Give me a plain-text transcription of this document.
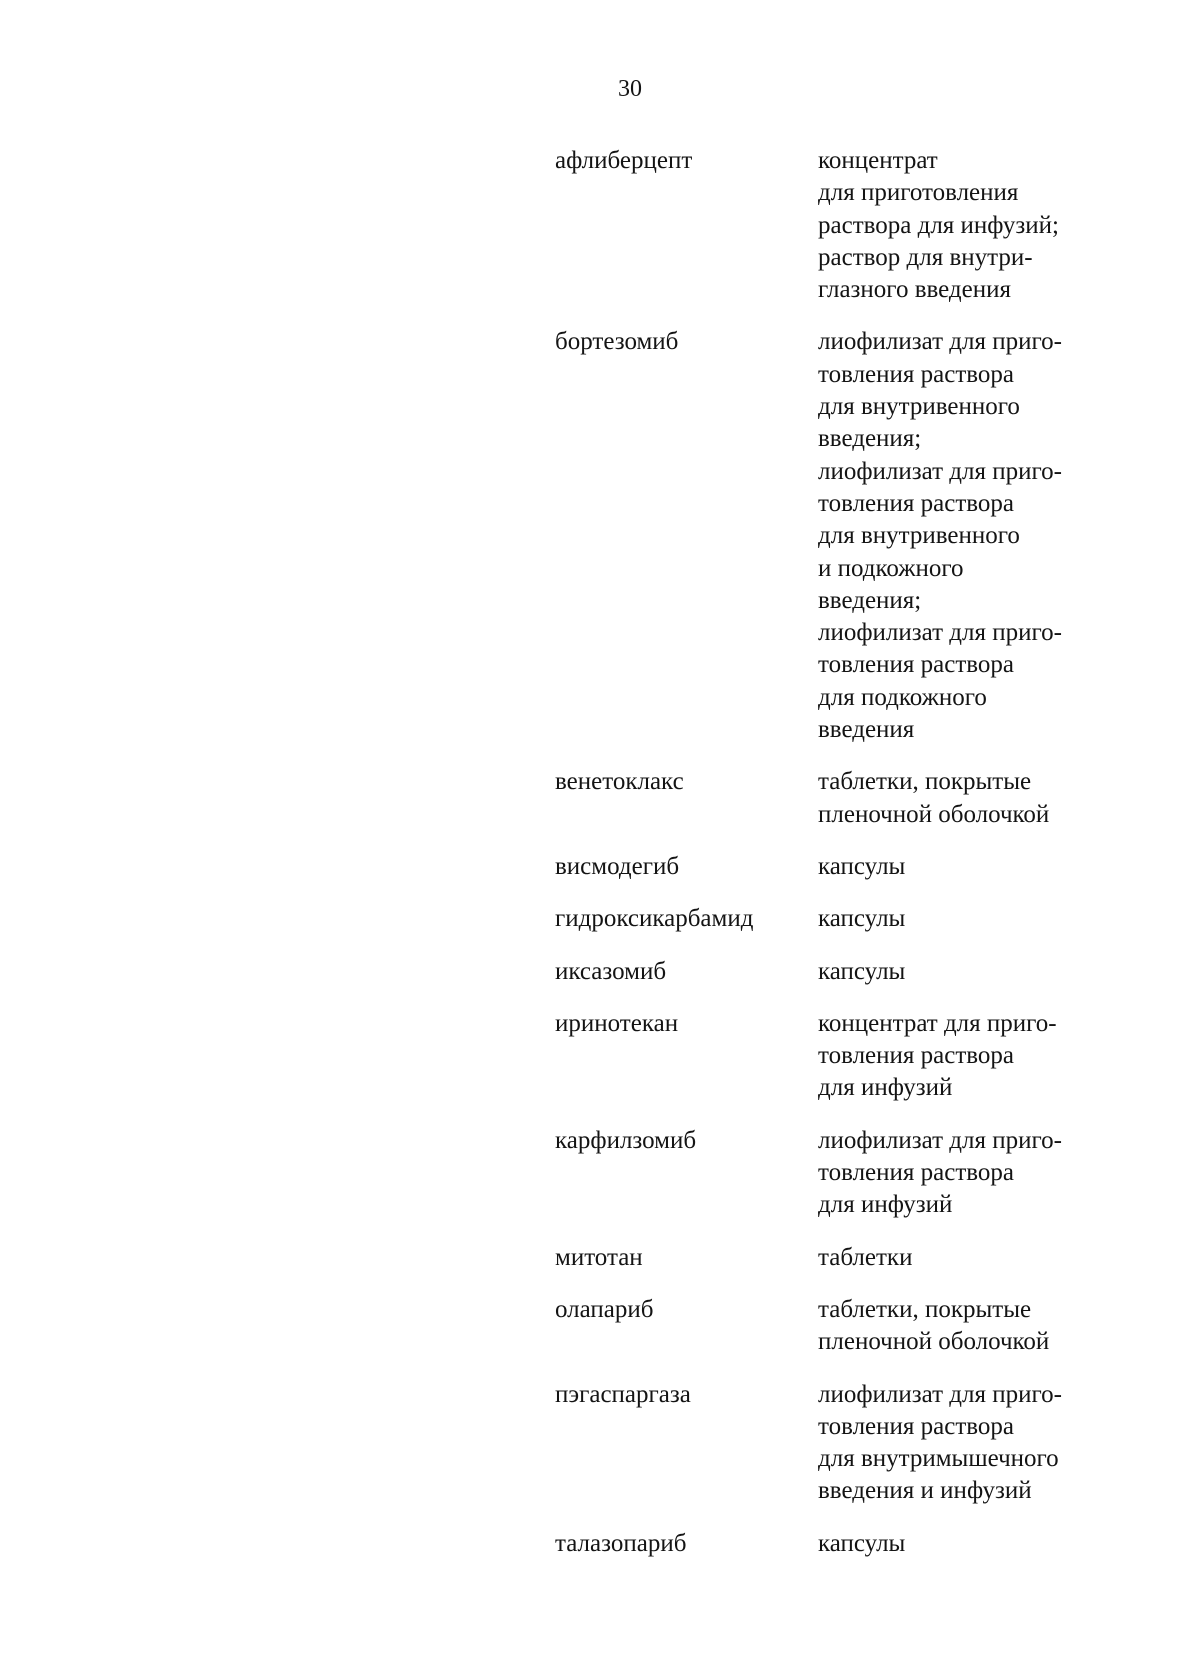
30
афлиберцепт	концентрат
для приготовления
раствора для инфузий;
раствор для внутри-
глазного введения
бортезомиб	лиофилизат для приго-
товления раствора
для внутривенного
введения;
лиофилизат для приго-
товления раствора
для внутривенного
и подкожного
введения;
лиофилизат для приго-
товления раствора
для подкожного
введения
венетоклакс	таблетки, покрытые
пленочной оболочкой
висмодегиб	капсулы
гидроксикарбамид	капсулы
иксазомиб	капсулы
иринотекан	концентрат для приго-
товления раствора
для инфузий
карфилзомиб	лиофилизат для приго-
товления раствора
для инфузий
митотан	таблетки
олапариб	таблетки, покрытые
пленочной оболочкой
пэгаспаргаза	лиофилизат для приго-
товления раствора
для внутримышечного
введения и инфузий
талазопариб	капсулы
